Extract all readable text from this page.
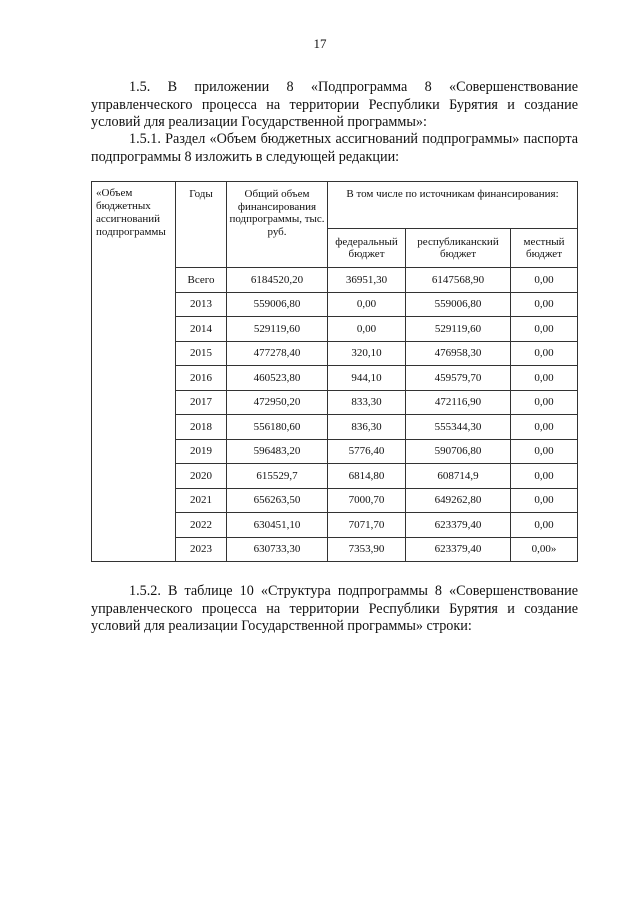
17

1.5. В приложении 8 «Подпрограмма 8 «Совершенствование управленческого процесса на территории Республики Бурятия и создание условий для реализации Государственной программы»:

1.5.1. Раздел «Объем бюджетных ассигнований подпрограммы» паспорта подпрограммы 8 изложить в следующей редакции:

«Объем бюджетных ассигнований подпрограммы	Годы	Общий объем финансирования подпрограммы, тыс. руб.	В том числе по источникам финансирования:		
			федеральный бюджет	республиканский бюджет	местный бюджет
	Всего	6184520,20	36951,30	6147568,90	0,00
	2013	559006,80	0,00	559006,80	0,00
	2014	529119,60	0,00	529119,60	0,00
	2015	477278,40	320,10	476958,30	0,00
	2016	460523,80	944,10	459579,70	0,00
	2017	472950,20	833,30	472116,90	0,00
	2018	556180,60	836,30	555344,30	0,00
	2019	596483,20	5776,40	590706,80	0,00
	2020	615529,7	6814,80	608714,9	0,00
	2021	656263,50	7000,70	649262,80	0,00
	2022	630451,10	7071,70	623379,40	0,00
	2023	630733,30	7353,90	623379,40	0,00»

1.5.2. В таблице 10 «Структура подпрограммы 8 «Совершенствование управленческого процесса на территории Республики Бурятия и создание условий для реализации Государственной программы» строки:
